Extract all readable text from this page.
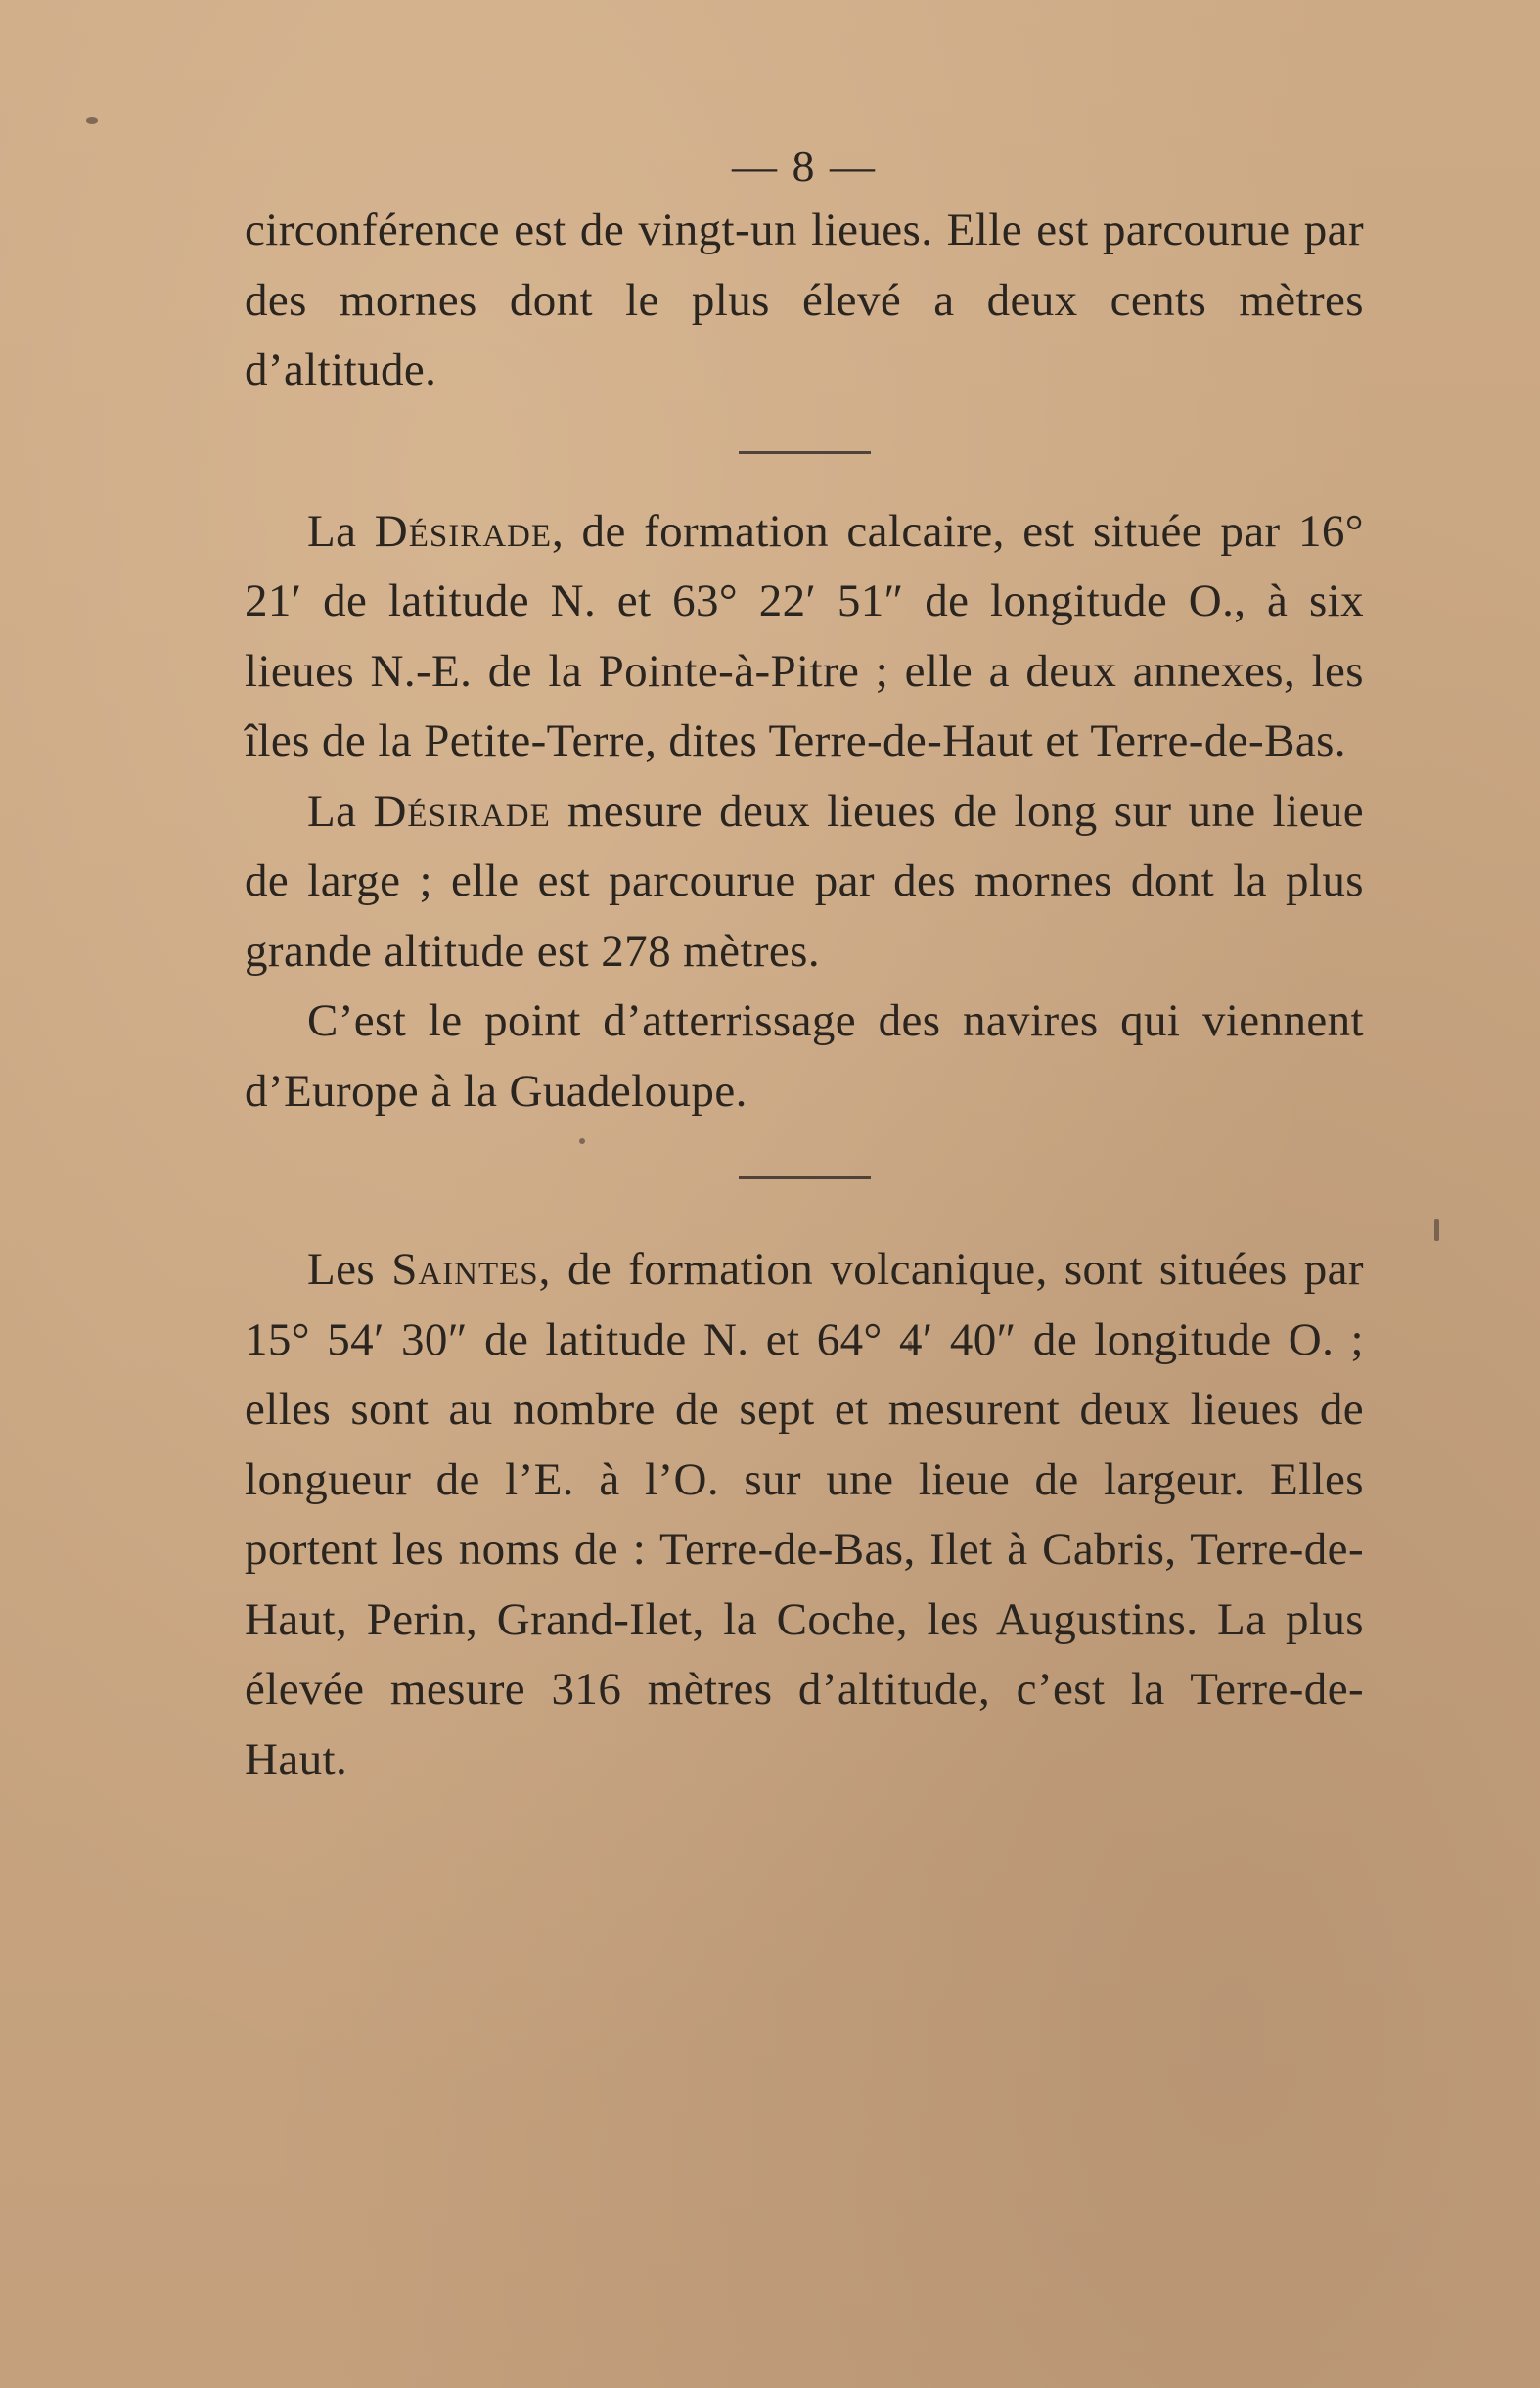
— 8 —

circonférence est de vingt-un lieues. Elle est parcourue par des mornes dont le plus élevé a deux cents mètres d’altitude.

La Désirade, de formation calcaire, est située par 16° 21′ de latitude N. et 63° 22′ 51″ de longitude O., à six lieues N.-E. de la Pointe-à-Pitre ; elle a deux annexes, les îles de la Petite-Terre, dites Terre-de-Haut et Terre-de-Bas.

La Désirade mesure deux lieues de long sur une lieue de large ; elle est parcourue par des mornes dont la plus grande altitude est 278 mètres.

C’est le point d’atterrissage des navires qui viennent d’Europe à la Guadeloupe.

Les Saintes, de formation volcanique, sont situées par 15° 54′ 30″ de latitude N. et 64° 4′ 40″ de longitude O. ; elles sont au nombre de sept et mesurent deux lieues de longueur de l’E. à l’O. sur une lieue de largeur. Elles portent les noms de : Terre-de-Bas, Ilet à Cabris, Terre-de-Haut, Perin, Grand-Ilet, la Coche, les Augustins. La plus élevée mesure 316 mètres d’altitude, c’est la Terre-de-Haut.
